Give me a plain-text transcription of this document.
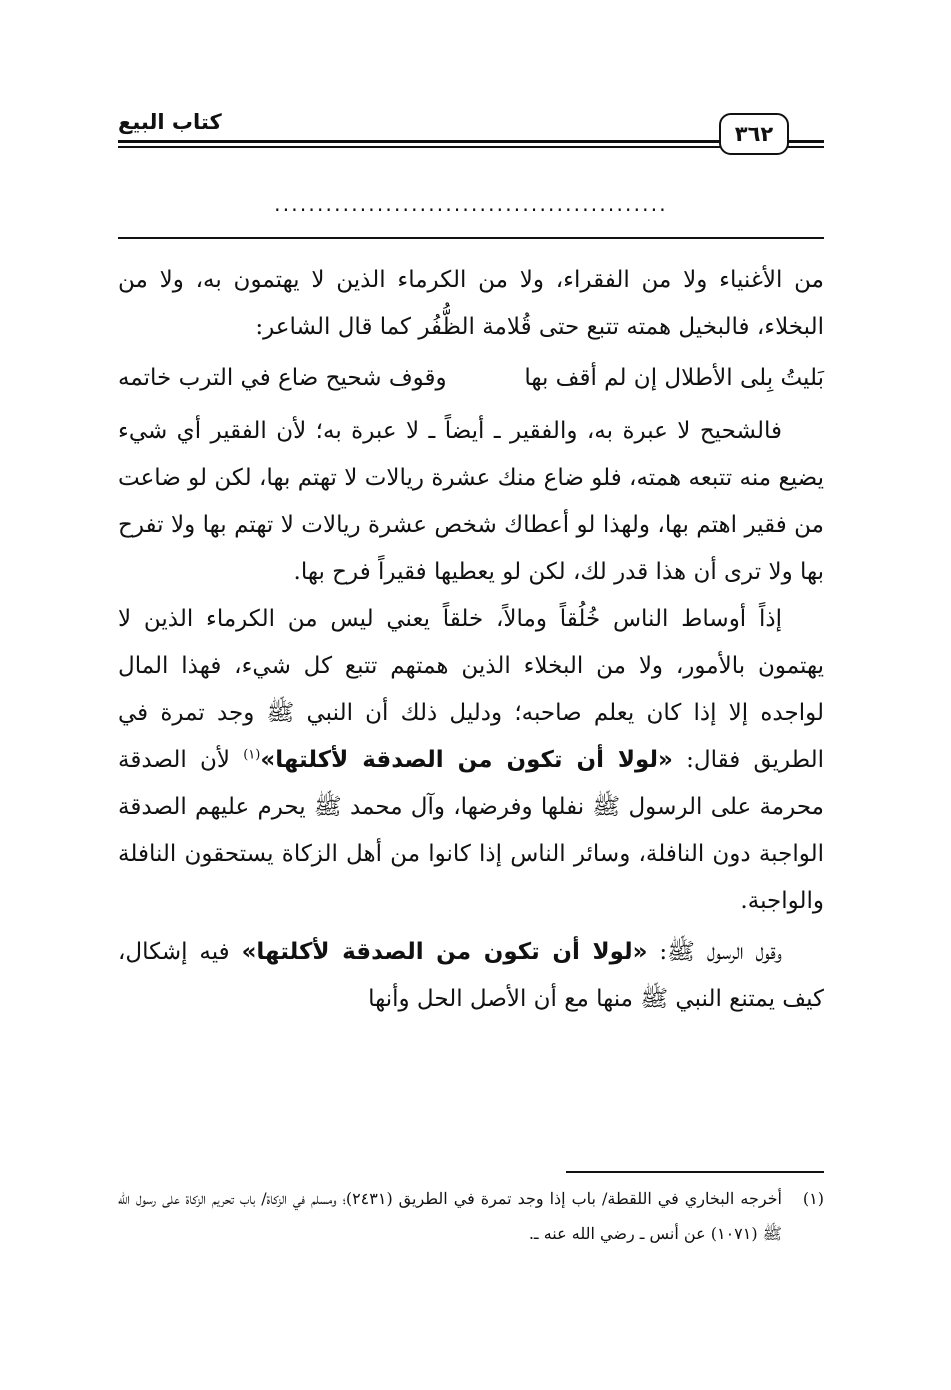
٣٦٢
كتاب البيع
..............................................

من الأغنياء ولا من الفقراء، ولا من الكرماء الذين لا يهتمون به، ولا من البخلاء، فالبخيل همته تتبع حتى قُلامة الظُّفُر كما قال الشاعر:

بَليتُ بِلى الأطلال إن لم أقف بها
وقوف شحيح ضاع في الترب خاتمه

فالشحيح لا عبرة به، والفقير ـ أيضاً ـ لا عبرة به؛ لأن الفقير أي شيء يضيع منه تتبعه همته، فلو ضاع منك عشرة ريالات لا تهتم بها، لكن لو ضاعت من فقير اهتم بها، ولهذا لو أعطاك شخص عشرة ريالات لا تهتم بها ولا تفرح بها ولا ترى أن هذا قدر لك، لكن لو يعطيها فقيراً فرح بها.

إذاً أوساط الناس خُلُقاً ومالاً، خلقاً يعني ليس من الكرماء الذين لا يهتمون بالأمور، ولا من البخلاء الذين همتهم تتبع كل شيء، فهذا المال لواجده إلا إذا كان يعلم صاحبه؛ ودليل ذلك أن النبي ﷺ وجد تمرة في الطريق فقال: «لولا أن تكون من الصدقة لأكلتها»$^{(١)}$ لأن الصدقة محرمة على الرسول ﷺ نفلها وفرضها، وآل محمد ﷺ يحرم عليهم الصدقة الواجبة دون النافلة، وسائر الناس إذا كانوا من أهل الزكاة يستحقون النافلة والواجبة.

وقول الرسول ﷺ: «لولا أن تكون من الصدقة لأكلتها» فيه إشكال، كيف يمتنع النبي ﷺ منها مع أن الأصل الحل وأنها

(١)
أخرجه البخاري في اللقطة/ باب إذا وجد تمرة في الطريق (٢٤٣١)؛ ومسلم في الزكاة/ باب تحريم الزكاة على رسول الله ﷺ (١٠٧١) عن أنس ـ رضي الله عنه ـ.
